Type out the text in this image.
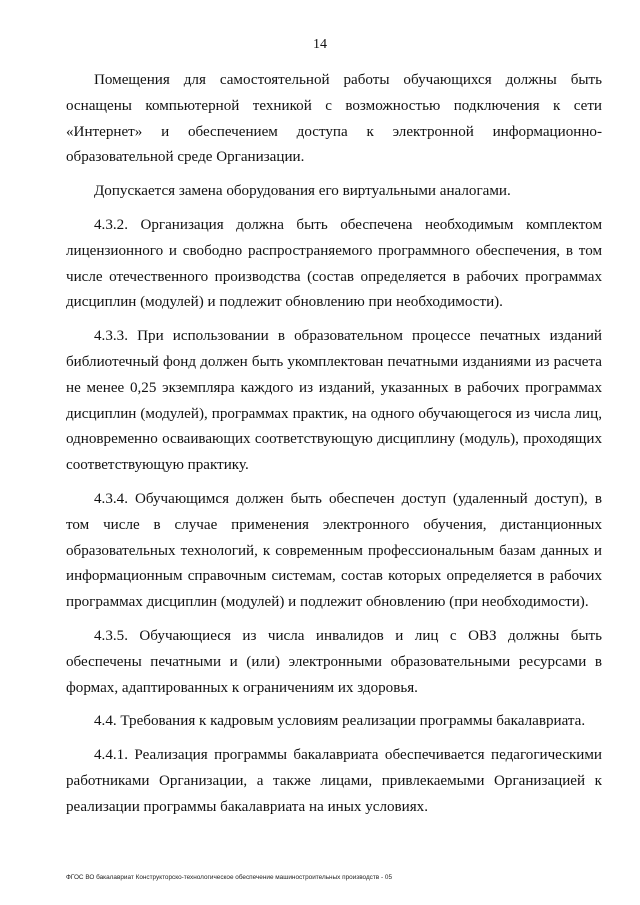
14

Помещения для самостоятельной работы обучающихся должны быть оснащены компьютерной техникой с возможностью подключения к сети «Интернет» и обеспечением доступа к электронной информационно-образовательной среде Организации.

Допускается замена оборудования его виртуальными аналогами.

4.3.2. Организация должна быть обеспечена необходимым комплектом лицензионного и свободно распространяемого программного обеспечения, в том числе отечественного производства (состав определяется в рабочих программах дисциплин (модулей) и подлежит обновлению при необходимости).

4.3.3. При использовании в образовательном процессе печатных изданий библиотечный фонд должен быть укомплектован печатными изданиями из расчета не менее 0,25 экземпляра каждого из изданий, указанных в рабочих программах дисциплин (модулей), программах практик, на одного обучающегося из числа лиц, одновременно осваивающих соответствующую дисциплину (модуль), проходящих соответствующую практику.

4.3.4. Обучающимся должен быть обеспечен доступ (удаленный доступ), в том числе в случае применения электронного обучения, дистанционных образовательных технологий, к современным профессиональным базам данных и информационным справочным системам, состав которых определяется в рабочих программах дисциплин (модулей) и подлежит обновлению (при необходимости).

4.3.5. Обучающиеся из числа инвалидов и лиц с ОВЗ должны быть обеспечены печатными и (или) электронными образовательными ресурсами в формах, адаптированных к ограничениям их здоровья.

4.4. Требования к кадровым условиям реализации программы бакалавриата.

4.4.1. Реализация программы бакалавриата обеспечивается педагогическими работниками Организации, а также лицами, привлекаемыми Организацией к реализации программы бакалавриата на иных условиях.

ФГОС ВО бакалавриат Конструкторско-технологическое обеспечение машиностроительных производств - 05
